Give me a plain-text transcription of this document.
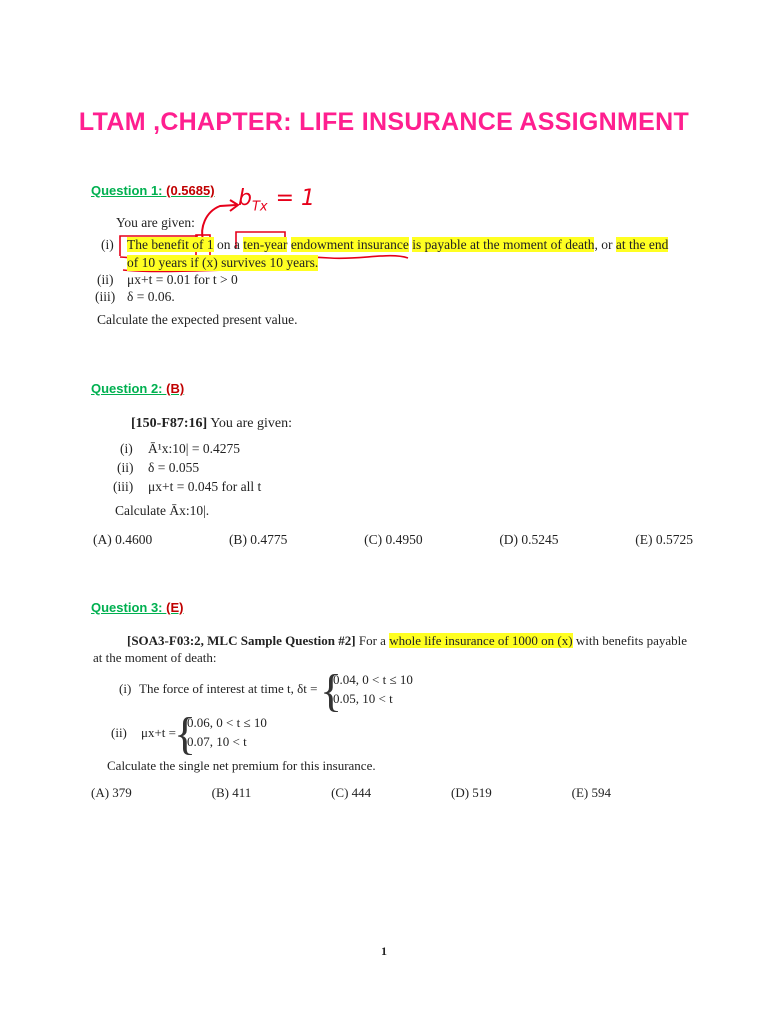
LTAM ,CHAPTER: LIFE INSURANCE ASSIGNMENT
Question 1: (0.5685) $b_{Tx} = 1$
You are given:
(i) The benefit of 1 on a ten-year endowment insurance is payable at the moment of death, or at the end
of 10 years if (x) survives 10 years.
(ii) μx+t = 0.01 for t > 0
(iii) δ = 0.06.
Calculate the expected present value.
Question 2: (B)
[150-F87:16] You are given:
(i) Ā¹x:10| = 0.4275
(ii) δ = 0.055
(iii) μx+t = 0.045 for all t
Calculate Āx:10|.
(A) 0.4600	(B) 0.4775	(C) 0.4950	(D) 0.5245	(E) 0.5725
Question 3: (E)
[SOA3-F03:2, MLC Sample Question #2] For a whole life insurance of 1000 on (x) with benefits payable
at the moment of death:
(i) The force of interest at time t, δt = {
0.04, 0 < t ≤ 10
0.05, 10 < t
(ii) μx+t =
{
0.06, 0 < t ≤ 10
0.07, 10 < t
Calculate the single net premium for this insurance.
(A) 379	(B) 411	(C) 444	(D) 519	(E) 594
1
